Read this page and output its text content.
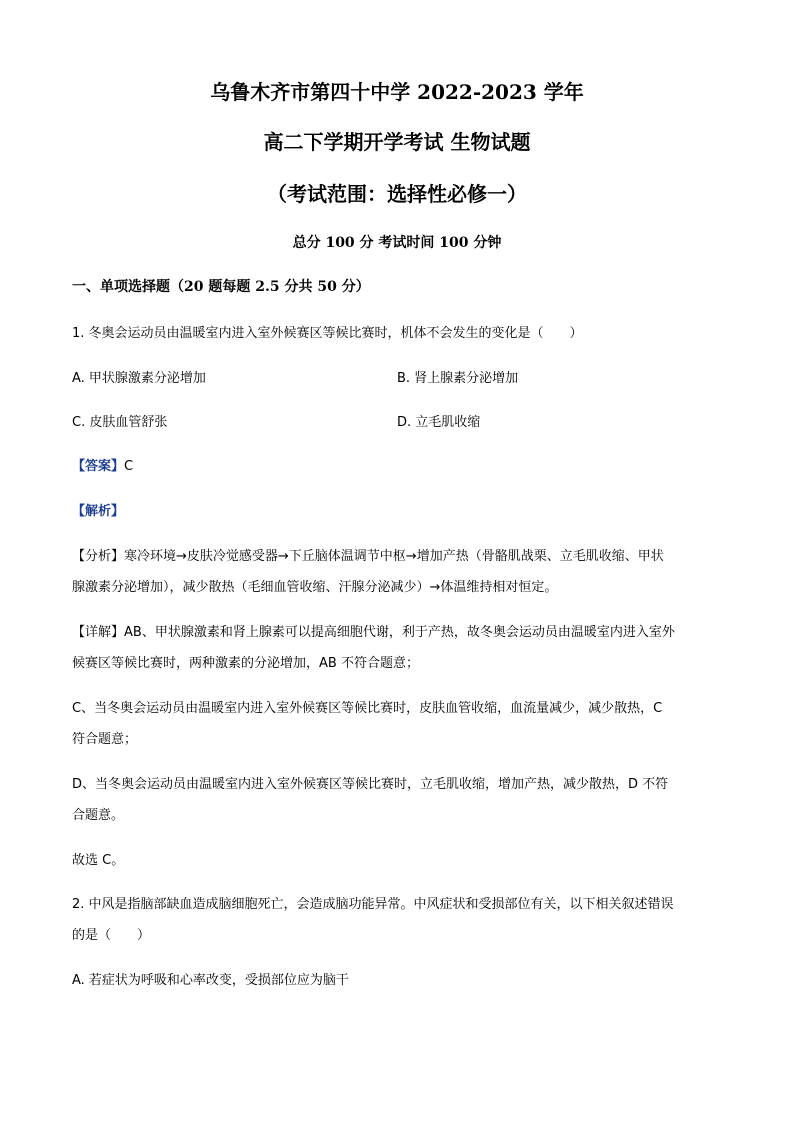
乌鲁木齐市第四十中学 2022-2023 学年
高二下学期开学考试 生物试题
（考试范围：选择性必修一）
总分 100 分 考试时间 100 分钟
一、单项选择题（20 题每题 2.5 分共 50 分）
1. 冬奥会运动员由温暖室内进入室外候赛区等候比赛时，机体不会发生的变化是（　　）
A. 甲状腺激素分泌增加	B. 肾上腺素分泌增加
C. 皮肤血管舒张	D. 立毛肌收缩
【答案】C
【解析】
【分析】寒冷环境→皮肤冷觉感受器→下丘脑体温调节中枢→增加产热（骨骼肌战栗、立毛肌收缩、甲状
腺激素分泌增加），减少散热（毛细血管收缩、汗腺分泌减少）→体温维持相对恒定。
【详解】AB、甲状腺激素和肾上腺素可以提高细胞代谢，利于产热，故冬奥会运动员由温暖室内进入室外
候赛区等候比赛时，两种激素的分泌增加，AB 不符合题意；
C、当冬奥会运动员由温暖室内进入室外候赛区等候比赛时，皮肤血管收缩，血流量减少，减少散热，C
符合题意；
D、当冬奥会运动员由温暖室内进入室外候赛区等候比赛时，立毛肌收缩，增加产热，减少散热，D 不符
合题意。
故选 C。
2. 中风是指脑部缺血造成脑细胞死亡，会造成脑功能异常。中风症状和受损部位有关，以下相关叙述错误
的是（　　）
A. 若症状为呼吸和心率改变，受损部位应为脑干
